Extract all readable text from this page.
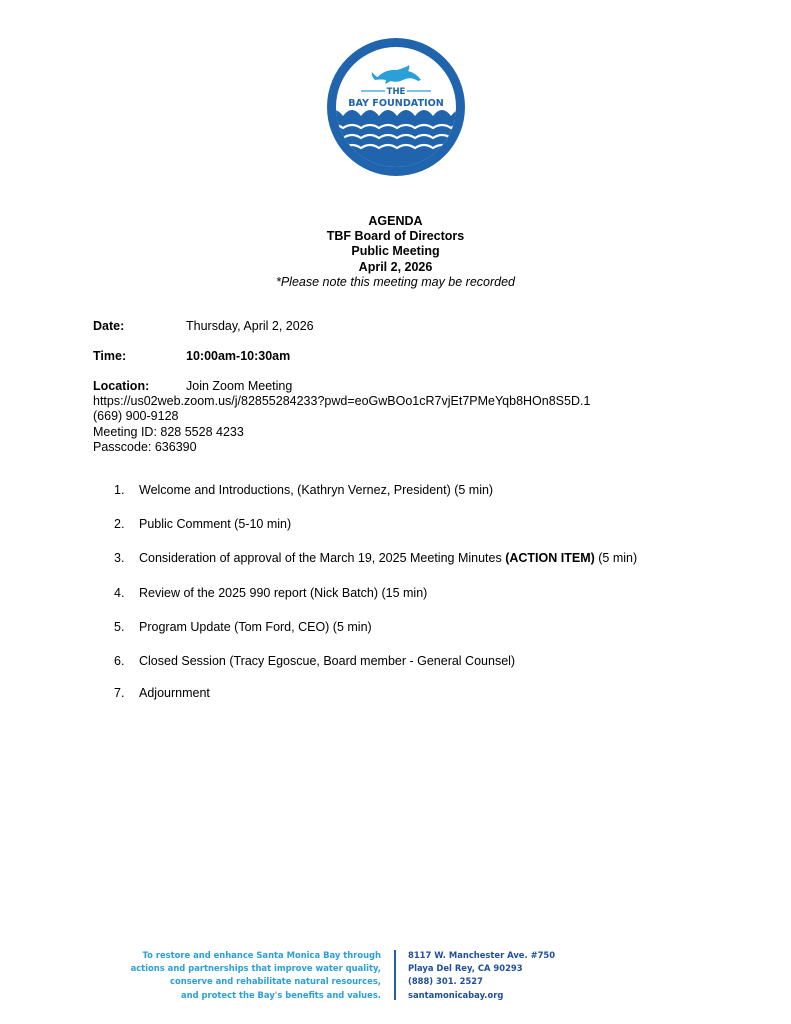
THE
BAY FOUNDATION
AGENDA
TBF Board of Directors
Public Meeting
April 2, 2026
*Please note this meeting may be recorded
Date:	Thursday, April 2, 2026
Time:	10:00am-10:30am
Location:	Join Zoom Meeting
https://us02web.zoom.us/j/82855284233?pwd=eoGwBOo1cR7vjEt7PMeYqb8HOn8S5D.1
(669) 900-9128
Meeting ID: 828 5528 4233
Passcode: 636390
1. Welcome and Introductions, (Kathryn Vernez, President) (5 min)
2. Public Comment (5-10 min)
3. Consideration of approval of the March 19, 2025 Meeting Minutes (ACTION ITEM) (5 min)
4. Review of the 2025 990 report (Nick Batch) (15 min)
5. Program Update (Tom Ford, CEO) (5 min)
6. Closed Session (Tracy Egoscue, Board member - General Counsel)
7. Adjournment
To restore and enhance Santa Monica Bay through
actions and partnerships that improve water quality,
conserve and rehabilitate natural resources,
and protect the Bay's benefits and values.
8117 W. Manchester Ave. #750
Playa Del Rey, CA 90293
(888) 301. 2527
santamonicabay.org
